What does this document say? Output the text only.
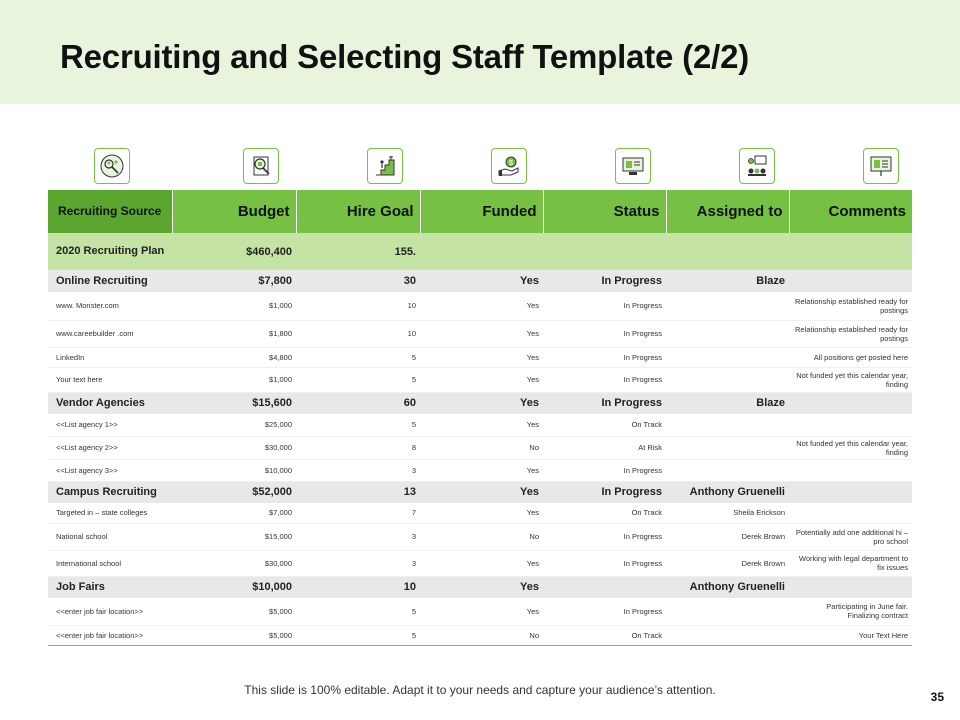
Recruiting and Selecting Staff Template (2/2)
$
Recruiting Source	Budget	Hire Goal	Funded	Status	Assigned to	Comments
2020 Recruiting Plan	$460,400	155.				
Online Recruiting	$7,800	30	Yes	In Progress	Blaze	
www. Monster.com	$1,000	10	Yes	In Progress		Relationship established ready for postings
www.careebuilder .com	$1,800	10	Yes	In Progress		Relationship established ready for postings
LinkedIn	$4,800	5	Yes	In Progress		All positions get posted here
Your text here	$1,000	5	Yes	In Progress		Not funded yet this calendar year, finding
Vendor Agencies	$15,600	60	Yes	In Progress	Blaze	
<<List agency 1>>	$25,000	5	Yes	On Track		
<<List agency 2>>	$30,000	8	No	At Risk		Not funded yet this calendar year, finding
<<List agency 3>>	$10,000	3	Yes	In Progress		
Campus Recruiting	$52,000	13	Yes	In Progress	Anthony Gruenelli	
Targeted in – state colleges	$7,000	7	Yes	On Track	Sheila Erickson	
National school	$15,000	3	No	In Progress	Derek Brown	Potentially add one additional hi – pro school
International school	$30,000	3	Yes	In Progress	Derek Brown	Working with legal department to fix issues
Job Fairs	$10,000	10	Yes		Anthony Gruenelli	
<<enter job fair location>>	$5,000	5	Yes	In Progress		Participating in June fair. Finalizing contract
<<enter job fair location>>	$5,000	5	No	On Track		Your Text Here
This slide is 100% editable. Adapt it to your needs and capture your audience’s attention.	35
